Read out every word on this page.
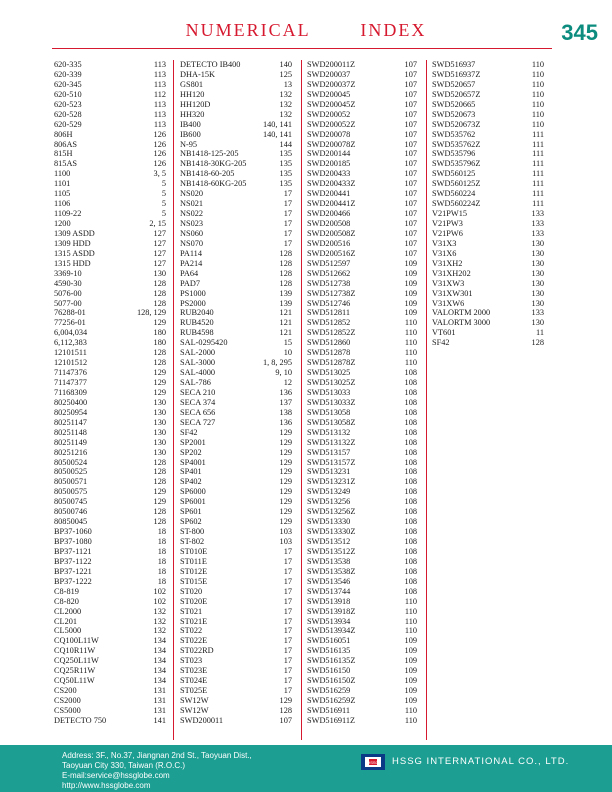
NUMERICAL INDEX	345
620-335	113
620-339	113
620-345	113
620-510	112
620-523	113
620-528	113
620-529	113
806H	126
806AS	126
815H	126
815AS	126
1100	3, 5
1101	5
1105	5
1106	5
1109-22	5
1200	2, 15
1309 ASDD	127
1309 HDD	127
1315 ASDD	127
1315 HDD	127
3369-10	130
4590-30	128
5076-00	128
5077-00	128
76288-01	128, 129
77256-01	129
6,004,034	180
6,112,383	180
12101511	128
12101512	128
71147376	129
71147377	129
71168309	129
80250400	130
80250954	130
80251147	130
80251148	130
80251149	130
80251216	130
80500524	128
80500525	128
80500571	128
80500575	129
80500745	129
80500746	128
80850045	128
BP37-1060	18
BP37-1080	18
BP37-1121	18
BP37-1122	18
BP37-1221	18
BP37-1222	18
C8-819	102
C8-820	102
CL2000	132
CL201	132
CL5000	132
CQ100L11W	134
CQ10R11W	134
CQ250L11W	134
CQ25R11W	134
CQ50L11W	134
CS200	131
CS2000	131
CS5000	131
DETECTO 750	141
DETECTO IB400	140
DHA-15K	125
GS801	13
HH120	132
HH120D	132
HH320	132
IB400	140, 141
IB600	140, 141
N-95	144
NB1418-125-205	135
NB1418-30KG-205	135
NB1418-60-205	135
NB1418-60KG-205	135
NS020	17
NS021	17
NS022	17
NS023	17
NS060	17
NS070	17
PA114	128
PA214	128
PA64	128
PAD7	128
PS1000	139
PS2000	139
RUB2040	121
RUB4520	121
RUB4598	121
SAL-0295420	15
SAL-2000	10
SAL-3000	1, 8, 295
SAL-4000	9, 10
SAL-786	12
SECA 210	136
SECA 374	137
SECA 656	138
SECA 727	136
SF42	129
SP2001	129
SP202	129
SP4001	129
SP401	129
SP402	129
SP6000	129
SP6001	129
SP601	129
SP602	129
ST-800	103
ST-802	103
ST010E	17
ST011E	17
ST012E	17
ST015E	17
ST020	17
ST020E	17
ST021	17
ST021E	17
ST022	17
ST022E	17
ST022RD	17
ST023	17
ST023E	17
ST024E	17
ST025E	17
SW12W	129
SW12W	128
SWD200011	107
SWD200011Z	107
SWD200037	107
SWD200037Z	107
SWD200045	107
SWD200045Z	107
SWD200052	107
SWD200052Z	107
SWD200078	107
SWD200078Z	107
SWD200144	107
SWD200185	107
SWD200433	107
SWD200433Z	107
SWD200441	107
SWD200441Z	107
SWD200466	107
SWD200508	107
SWD200508Z	107
SWD200516	107
SWD200516Z	107
SWD512597	109
SWD512662	109
SWD512738	109
SWD512738Z	109
SWD512746	109
SWD512811	109
SWD512852	110
SWD512852Z	110
SWD512860	110
SWD512878	110
SWD512878Z	110
SWD513025	108
SWD513025Z	108
SWD513033	108
SWD513033Z	108
SWD513058	108
SWD513058Z	108
SWD513132	108
SWD513132Z	108
SWD513157	108
SWD513157Z	108
SWD513231	108
SWD513231Z	108
SWD513249	108
SWD513256	108
SWD513256Z	108
SWD513330	108
SWD513330Z	108
SWD513512	108
SWD513512Z	108
SWD513538	108
SWD513538Z	108
SWD513546	108
SWD513744	108
SWD513918	110
SWD513918Z	110
SWD513934	110
SWD513934Z	110
SWD516051	109
SWD516135	109
SWD516135Z	109
SWD516150	109
SWD516150Z	109
SWD516259	109
SWD516259Z	109
SWD516911	110
SWD516911Z	110
SWD516937	110
SWD516937Z	110
SWD520657	110
SWD520657Z	110
SWD520665	110
SWD520673	110
SWD520673Z	110
SWD535762	111
SWD535762Z	111
SWD535796	111
SWD535796Z	111
SWD560125	111
SWD560125Z	111
SWD560224	111
SWD560224Z	111
V21PW15	133
V21PW3	133
V21PW6	133
V31X3	130
V31X6	130
V31XH2	130
V31XH202	130
V31XW3	130
V31XW301	130
V31XW6	130
VALORTM 2000	133
VALORTM 3000	130
VT601	11
SF42	128
Address: 3F., No.37, Jiangnan 2nd St., Taoyuan Dist.,
Taoyuan City 330, Taiwan (R.O.C.)
E-mail:service@hssglobe.com
http://www.hssglobe.com
HSSG HSSG INTERNATIONAL CO., LTD.
